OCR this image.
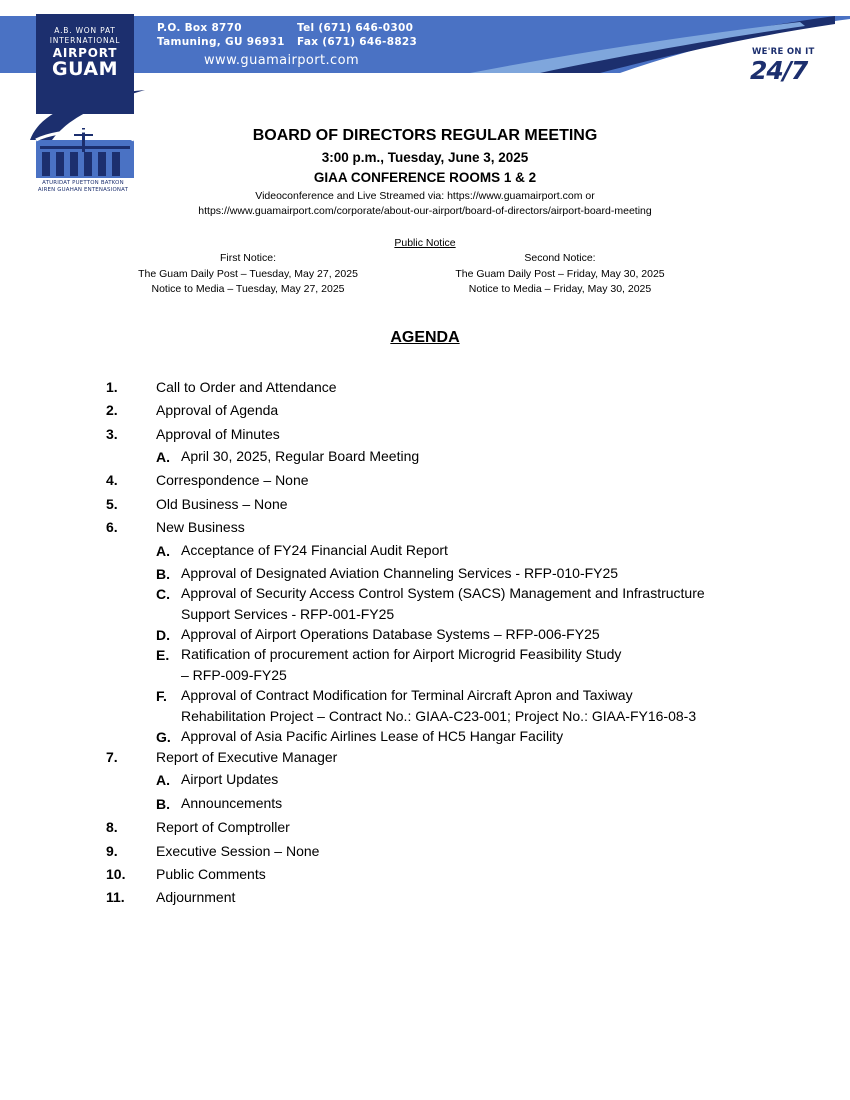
A.B. WON PAT
INTERNATIONAL
AIRPORT
GUAM
ATURIDAT PUETTON BATKON
AIREN GUAHAN ENTENASIONAT
P.O. Box 8770
Tamuning, GU 96931
Tel (671) 646-0300
Fax (671) 646-8823
www.guamairport.com
WE'RE ON IT
24/7
BOARD OF DIRECTORS REGULAR MEETING
3:00 p.m., Tuesday, June 3, 2025
GIAA CONFERENCE ROOMS 1 & 2
Videoconference and Live Streamed via: https://www.guamairport.com or
https://www.guamairport.com/corporate/about-our-airport/board-of-directors/airport-board-meeting
Public Notice
First Notice:
The Guam Daily Post – Tuesday, May 27, 2025
Notice to Media – Tuesday, May 27, 2025
Second Notice:
The Guam Daily Post – Friday, May 30, 2025
Notice to Media – Friday, May 30, 2025
AGENDA
1.	Call to Order and Attendance
2.	Approval of Agenda
3.	Approval of Minutes
A. April 30, 2025, Regular Board Meeting
4.	Correspondence – None
5.	Old Business – None
6.	New Business
A. Acceptance of FY24 Financial Audit Report
B. Approval of Designated Aviation Channeling Services - RFP-010-FY25
C. Approval of Security Access Control System (SACS) Management and Infrastructure
Support Services - RFP-001-FY25
D. Approval of Airport Operations Database Systems – RFP-006-FY25
E. Ratification of procurement action for Airport Microgrid Feasibility Study
– RFP-009-FY25
F. Approval of Contract Modification for Terminal Aircraft Apron and Taxiway
Rehabilitation Project – Contract No.: GIAA-C23-001; Project No.: GIAA-FY16-08-3
G. Approval of Asia Pacific Airlines Lease of HC5 Hangar Facility
7.	Report of Executive Manager
A. Airport Updates
B. Announcements
8.	Report of Comptroller
9.	Executive Session – None
10. Public Comments
11. Adjournment
